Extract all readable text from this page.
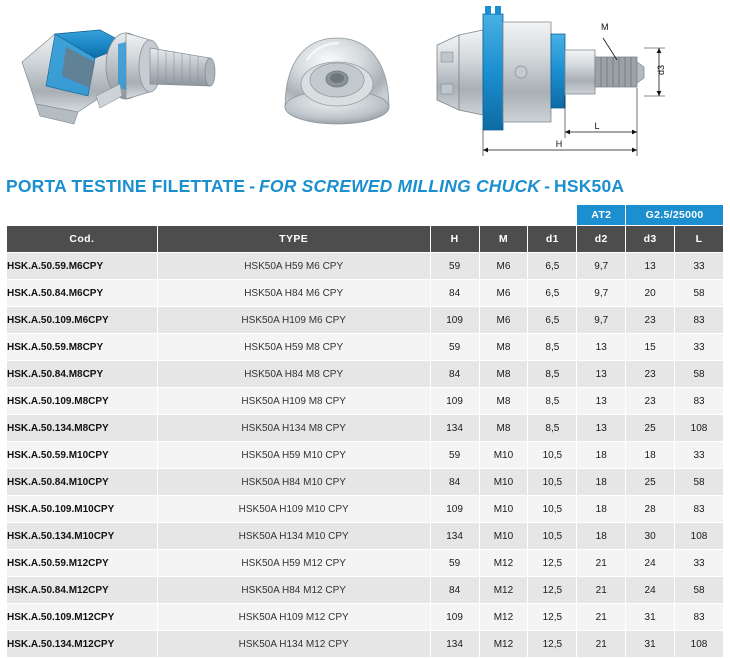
M
d3
L
H
PORTA TESTINE FILETTATE - FOR SCREWED MILLING CHUCK - HSK50A
					AT2	G2.5/25000	
Cod.	TYPE	H	M	d1	d2	d3	L
HSK.A.50.59.M6CPY	HSK50A H59 M6 CPY	59	M6	6,5	9,7	13	33
HSK.A.50.84.M6CPY	HSK50A H84 M6 CPY	84	M6	6,5	9,7	20	58
HSK.A.50.109.M6CPY	HSK50A H109 M6 CPY	109	M6	6,5	9,7	23	83
HSK.A.50.59.M8CPY	HSK50A H59 M8 CPY	59	M8	8,5	13	15	33
HSK.A.50.84.M8CPY	HSK50A H84 M8 CPY	84	M8	8,5	13	23	58
HSK.A.50.109.M8CPY	HSK50A H109 M8 CPY	109	M8	8,5	13	23	83
HSK.A.50.134.M8CPY	HSK50A H134 M8 CPY	134	M8	8,5	13	25	108
HSK.A.50.59.M10CPY	HSK50A H59 M10 CPY	59	M10	10,5	18	18	33
HSK.A.50.84.M10CPY	HSK50A H84 M10 CPY	84	M10	10,5	18	25	58
HSK.A.50.109.M10CPY	HSK50A H109 M10 CPY	109	M10	10,5	18	28	83
HSK.A.50.134.M10CPY	HSK50A H134 M10 CPY	134	M10	10,5	18	30	108
HSK.A.50.59.M12CPY	HSK50A H59 M12 CPY	59	M12	12,5	21	24	33
HSK.A.50.84.M12CPY	HSK50A H84 M12 CPY	84	M12	12,5	21	24	58
HSK.A.50.109.M12CPY	HSK50A H109 M12 CPY	109	M12	12,5	21	31	83
HSK.A.50.134.M12CPY	HSK50A H134 M12 CPY	134	M12	12,5	21	31	108
